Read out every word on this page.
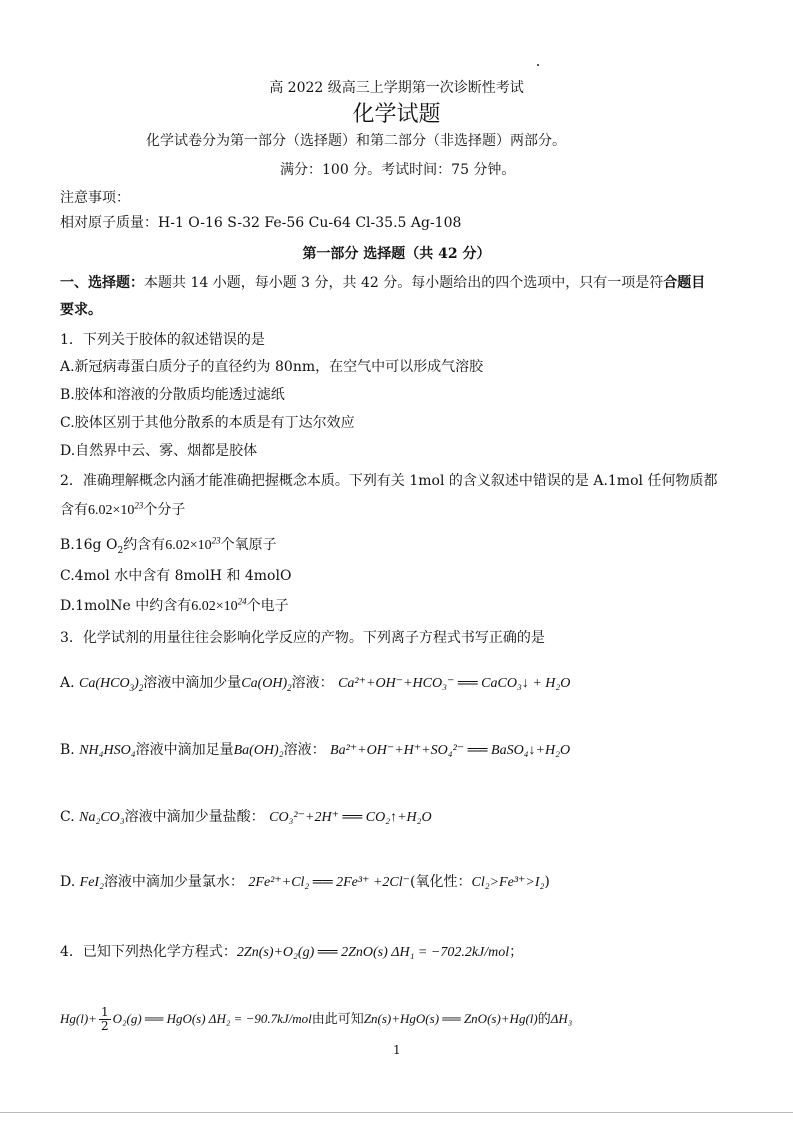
高 2022 级高三上学期第一次诊断性考试
化学试题
化学试卷分为第一部分（选择题）和第二部分（非选择题）两部分。
满分：100 分。考试时间：75 分钟。
注意事项：
相对原子质量：H-1 O-16 S-32 Fe-56 Cu-64 Cl-35.5 Ag-108
第一部分 选择题（共 42 分）
一、选择题：本题共 14 小题，每小题 3 分，共 42 分。每小题给出的四个选项中，只有一项是符合题目
要求。
1．下列关于胶体的叙述错误的是
A.新冠病毒蛋白质分子的直径约为 80nm，在空气中可以形成气溶胶
B.胶体和溶液的分散质均能透过滤纸
C.胶体区别于其他分散系的本质是有丁达尔效应
D.自然界中云、雾、烟都是胶体
2．准确理解概念内涵才能准确把握概念本质。下列有关 1mol 的含义叙述中错误的是 A.1mol 任何物质都
含有$6.02\times 10^{23}$个分子
B.16g $O_2$约含有$6.02\times 10^{23}$个氧原子
C.4mol 水中含有 8molH 和 4molO
D.1molNe 中约含有$6.02\times 10^{24}$个电子
3．化学试剂的用量往往会影响化学反应的产物。下列离子方程式书写正确的是
A. $Ca(HCO_3)_2$溶液中滴加少量$Ca(OH)_2$溶液： Ca²⁺+OH⁻+HCO₃⁻ ══ CaCO₃↓ + H₂O
B. NH₄HSO₄溶液中滴加足量Ba(OH)₂溶液： Ba²⁺+OH⁻+H⁺+SO₄²⁻ ══ BaSO₄↓+H₂O
C. Na₂CO₃溶液中滴加少量盐酸： CO₃²⁻+2H⁺ ══ CO₂↑+H₂O
D. FeI₂溶液中滴加少量氯水： 2Fe²⁺+Cl₂ ══ 2Fe³⁺ +2Cl⁻(氧化性：Cl₂>Fe³⁺>I₂)
4．已知下列热化学方程式：2Zn(s)+O₂(g) ══ 2ZnO(s) ΔH₁ = −702.2kJ/mol；
$Hg(l)+ \frac{1}{2} O_2(g)$ ══ HgO(s) ΔH₂ = −90.7kJ/mol由此可知Zn(s)+HgO(s) ══ ZnO(s)+Hg(l)的ΔH₃
1
